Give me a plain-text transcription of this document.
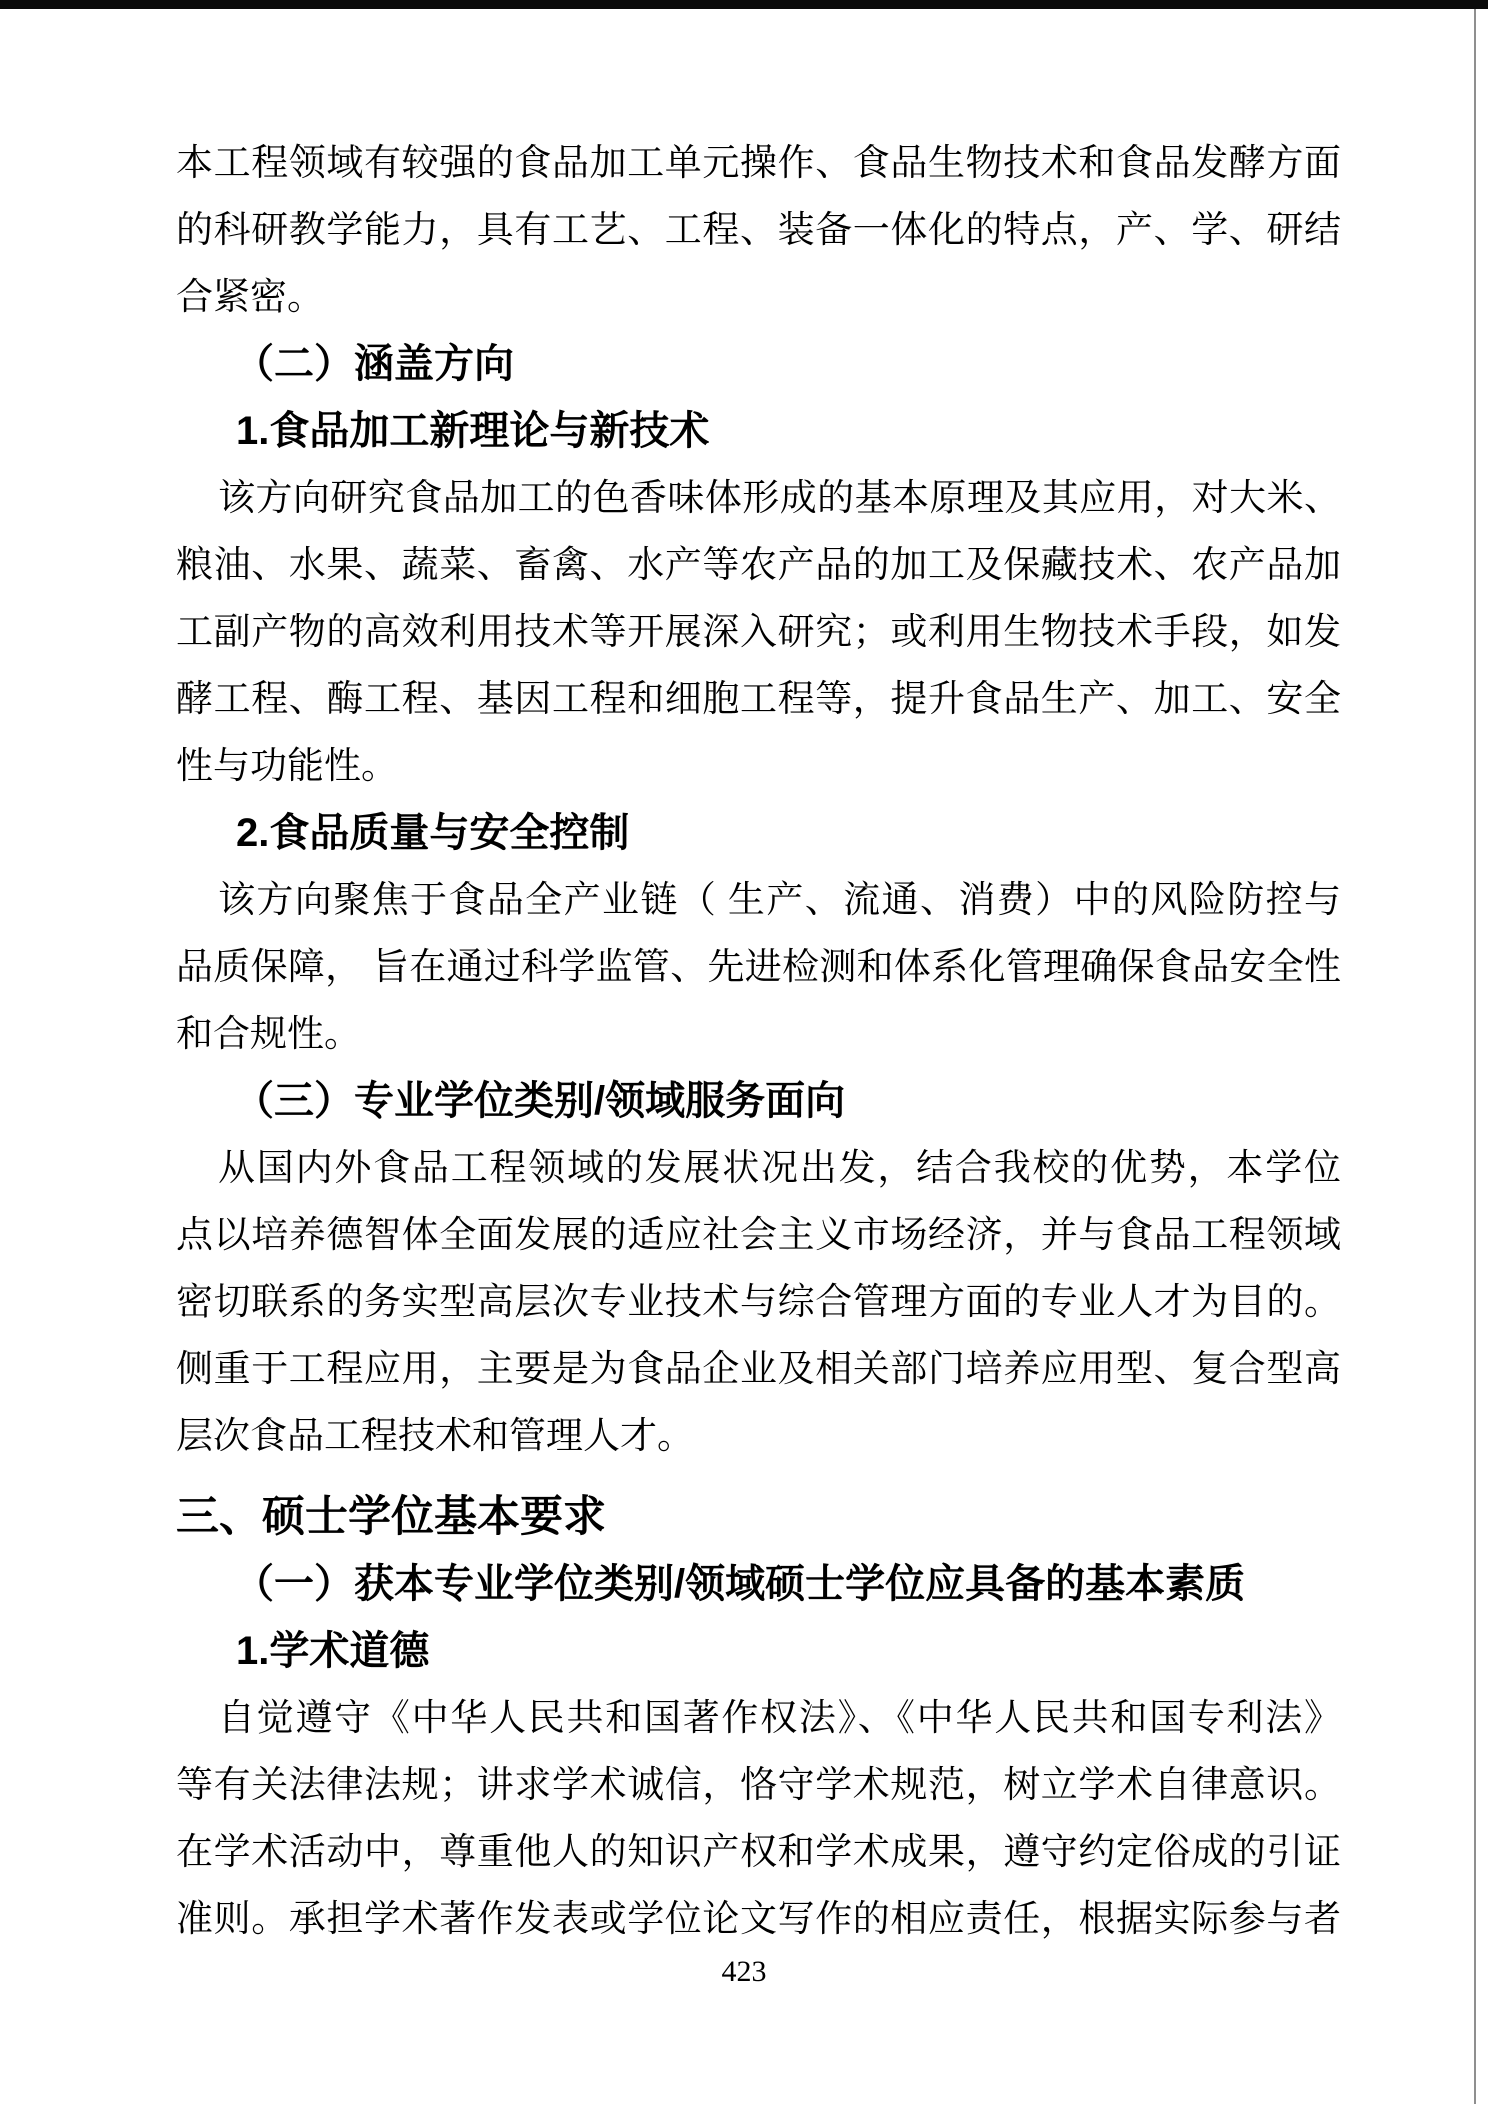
本工程领域有较强的食品加工单元操作、食品生物技术和食品发酵方面
的科研教学能力，具有工艺、工程、装备一体化的特点，产、学、研结
合紧密。
（二）涵盖方向
1.食品加工新理论与新技术
该方向研究食品加工的色香味体形成的基本原理及其应用，对大米、
粮油、水果、蔬菜、畜禽、水产等农产品的加工及保藏技术、农产品加
工副产物的高效利用技术等开展深入研究；或利用生物技术手段，如发
酵工程、酶工程、基因工程和细胞工程等，提升食品生产、加工、安全
性与功能性。
2.食品质量与安全控制
该方向聚焦于食品全产业链（ 生产、流通、消费）中的风险防控与
品质保障， 旨在通过科学监管、先进检测和体系化管理确保食品安全性
和合规性。
（三）专业学位类别/领域服务面向
从国内外食品工程领域的发展状况出发，结合我校的优势，本学位
点以培养德智体全面发展的适应社会主义市场经济，并与食品工程领域
密切联系的务实型高层次专业技术与综合管理方面的专业人才为目的。
侧重于工程应用，主要是为食品企业及相关部门培养应用型、复合型高
层次食品工程技术和管理人才。
三、硕士学位基本要求
（一）获本专业学位类别/领域硕士学位应具备的基本素质
1.学术道德
自觉遵守《中华人民共和国著作权法》、《中华人民共和国专利法》
等有关法律法规；讲求学术诚信，恪守学术规范，树立学术自律意识。
在学术活动中，尊重他人的知识产权和学术成果，遵守约定俗成的引证
准则。承担学术著作发表或学位论文写作的相应责任，根据实际参与者
423
